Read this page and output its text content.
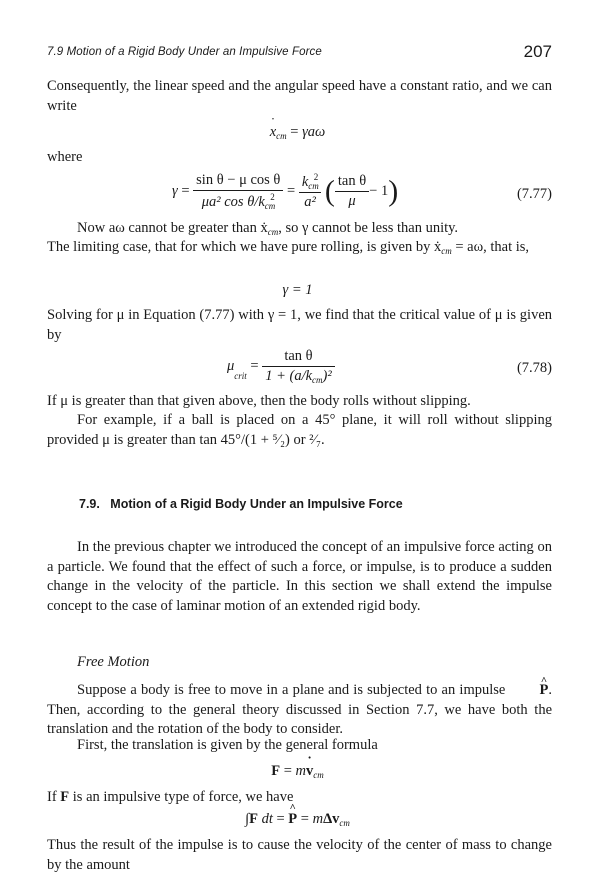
7.9 Motion of a Rigid Body Under an Impulsive Force	207
Consequently, the linear speed and the angular speed have a constant ratio, and we can write
˙ $x_{cm} = \gamma a\omega$
where
$\gamma = \frac{\text{sin θ − μ cos θ}}{\mu a^2 \cos \theta/k_{cm}^2} = \frac{k_{cm}^2}{\text{a²}}$ ( $\frac{\text{tan θ}}{\mu} - 1$)	(7.77)
Now aω cannot be greater than ẋ$_{cm}$, so γ cannot be less than unity.
The limiting case, that for which we have pure rolling, is given by ẋ$_{cm}$ = aω, that is,
γ = 1
Solving for μ in Equation (7.77) with γ = 1, we find that the critical value of μ is given by
$\mu_{crit} = \frac{\text{tan θ}}{1 + (a/k_{cm})^2}$	(7.78)
If μ is greater than that given above, then the body rolls without slipping.
For example, if a ball is placed on a 45° plane, it will roll without slipping provided μ is greater than tan 45°/(1 + ⁵⁄₂) or ²⁄₇.
7.9. Motion of a Rigid Body Under an Impulsive Force
In the previous chapter we introduced the concept of an impulsive force acting on a particle. We found that the effect of such a force, or impulse, is to produce a sudden change in the velocity of the particle. In this section we shall extend the impulse concept to the case of laminar motion of an extended rigid body.
Free Motion
Suppose a body is free to move in a plane and is subjected to an impulse ^ P. Then, according to the general theory discussed in Section 7.7, we have both the translation and the rotation of the body to consider.
First, the translation is given by the general formula
F = m˙ $v_{cm}$
If F is an impulsive type of force, we have
∫F dt = ^ P = mΔv$_{cm}$
Thus the result of the impulse is to cause the velocity of the center of mass to change by the amount
